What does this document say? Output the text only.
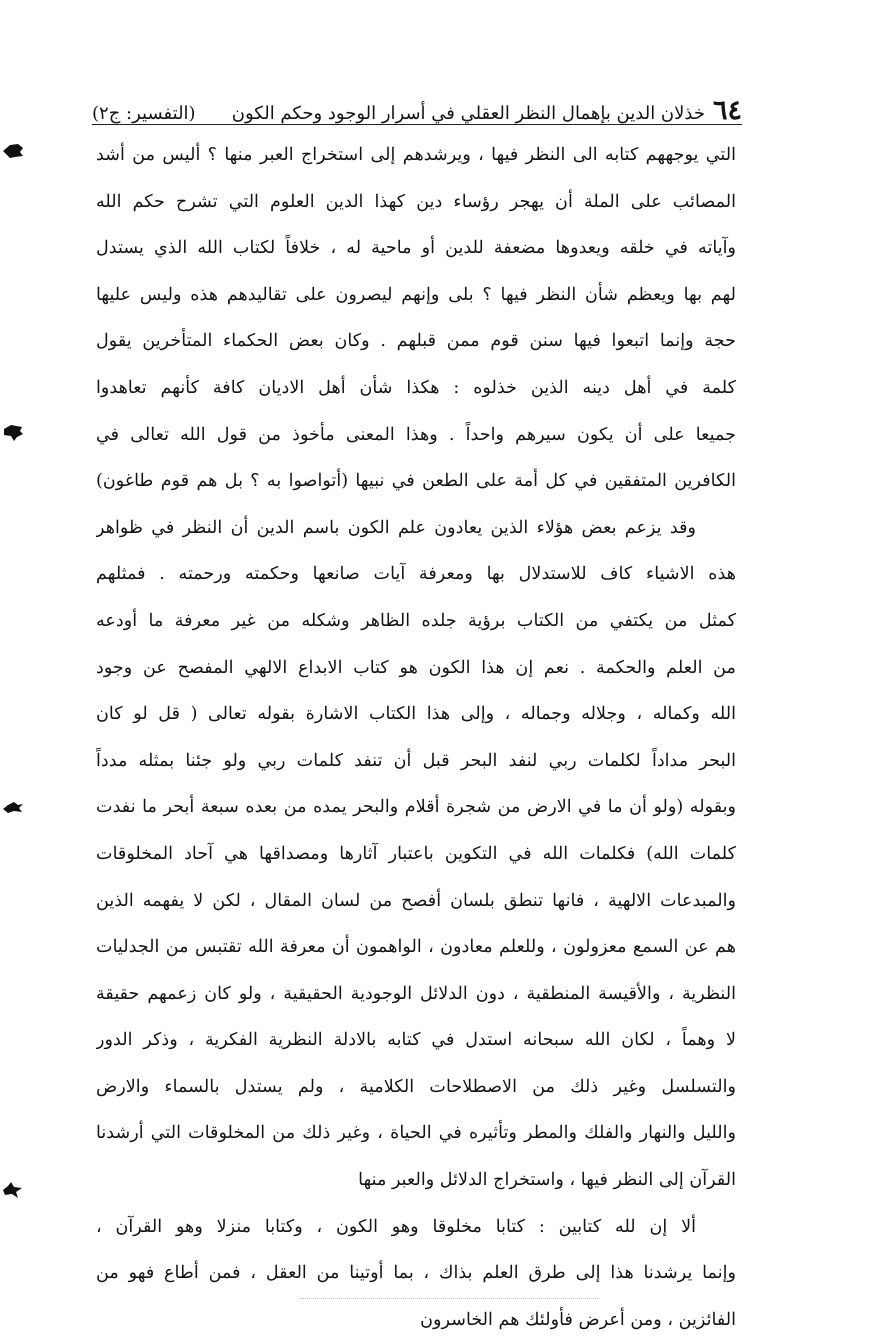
٦٤
خذلان الدين بإهمال النظر العقلي في أسرار الوجود وحكم الكون
(التفسير: ج٢)
التي يوجههم كتابه الى النظر فيها ، ويرشدهم إلى استخراج العبر منها ؟ أليس من أشد
المصائب على الملة أن يهجر رؤساء دين كهذا الدين العلوم التي تشرح حكم الله
وآياته في خلقه ويعدوها مضعفة للدين أو ماحية له ، خلافاً لكتاب الله الذي يستدل
لهم بها ويعظم شأن النظر فيها ؟ بلى وإنهم ليصرون على تقاليدهم هذه وليس عليها
حجة وإنما اتبعوا فيها سنن قوم ممن قبلهم . وكان بعض الحكماء المتأخرين يقول
كلمة في أهل دينه الذين خذلوه : هكذا شأن أهل الاديان كافة كأنهم تعاهدوا
جميعا على أن يكون سيرهم واحداً . وهذا المعنى مأخوذ من قول الله تعالى في
الكافرين المتفقين في كل أمة على الطعن في نبيها (أتواصوا به ؟ بل هم قوم طاغون)
وقد يزعم بعض هؤلاء الذين يعادون علم الكون باسم الدين أن النظر في ظواهر
هذه الاشياء كاف للاستدلال بها ومعرفة آيات صانعها وحكمته ورحمته . فمثلهم
كمثل من يكتفي من الكتاب برؤية جلده الظاهر وشكله من غير معرفة ما أودعه
من العلم والحكمة . نعم إن هذا الكون هو كتاب الابداع الالهي المفصح عن وجود
الله وكماله ، وجلاله وجماله ، وإلى هذا الكتاب الاشارة بقوله تعالى ( قل لو كان
البحر مداداً لكلمات ربي لنفد البحر قبل أن تنفد كلمات ربي ولو جئنا بمثله مدداً
وبقوله (ولو أن ما في الارض من شجرة أقلام والبحر يمده من بعده سبعة أبحر ما نفدت
كلمات الله) فكلمات الله في التكوين باعتبار آثارها ومصداقها هي آحاد المخلوقات
والمبدعات الالهية ، فانها تنطق بلسان أفصح من لسان المقال ، لكن لا يفهمه الذين
هم عن السمع معزولون ، وللعلم معادون ، الواهمون أن معرفة الله تقتبس من الجدليات
النظرية ، والأقيسة المنطقية ، دون الدلائل الوجودية الحقيقية ، ولو كان زعمهم حقيقة
لا وهماً ، لكان الله سبحانه استدل في كتابه بالادلة النظرية الفكرية ، وذكر الدور
والتسلسل وغير ذلك من الاصطلاحات الكلامية ، ولم يستدل بالسماء والارض
والليل والنهار والفلك والمطر وتأثيره في الحياة ، وغير ذلك من المخلوقات التي أرشدنا
القرآن إلى النظر فيها ، واستخراج الدلائل والعبر منها
ألا إن لله كتابين : كتابا مخلوقا وهو الكون ، وكتابا منزلا وهو القرآن ،
وإنما يرشدنا هذا إلى طرق العلم بذاك ، بما أوتينا من العقل ، فمن أطاع فهو من
الفائزين ، ومن أعرض فأولئك هم الخاسرون
